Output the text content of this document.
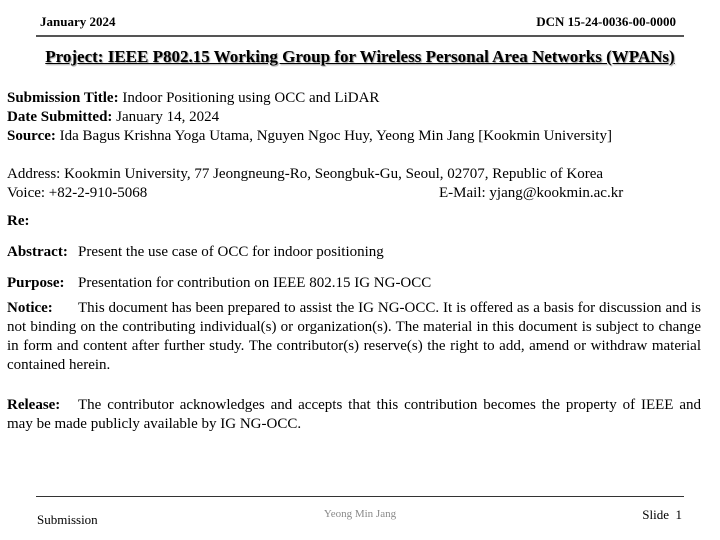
January 2024	DCN 15-24-0036-00-0000
Project: IEEE P802.15 Working Group for Wireless Personal Area Networks (WPANs)
Submission Title: Indoor Positioning using OCC and LiDAR
Date Submitted: January 14, 2024
Source: Ida Bagus Krishna Yoga Utama, Nguyen Ngoc Huy, Yeong Min Jang [Kookmin University]
Address: Kookmin University, 77 Jeongneung-Ro, Seongbuk-Gu, Seoul, 02707, Republic of Korea
Voice: +82-2-910-5068	E-Mail: yjang@kookmin.ac.kr
Re:
Abstract: Present the use case of OCC for indoor positioning
Purpose: Presentation for contribution on IEEE 802.15 IG NG-OCC
Notice: This document has been prepared to assist the IG NG-OCC. It is offered as a basis for discussion and is not binding on the contributing individual(s) or organization(s). The material in this document is subject to change in form and content after further study. The contributor(s) reserve(s) the right to add, amend or withdraw material contained herein.
Release: The contributor acknowledges and accepts that this contribution becomes the property of IEEE and may be made publicly available by IG NG-OCC.
Submission	Yeong Min Jang	Slide 1
